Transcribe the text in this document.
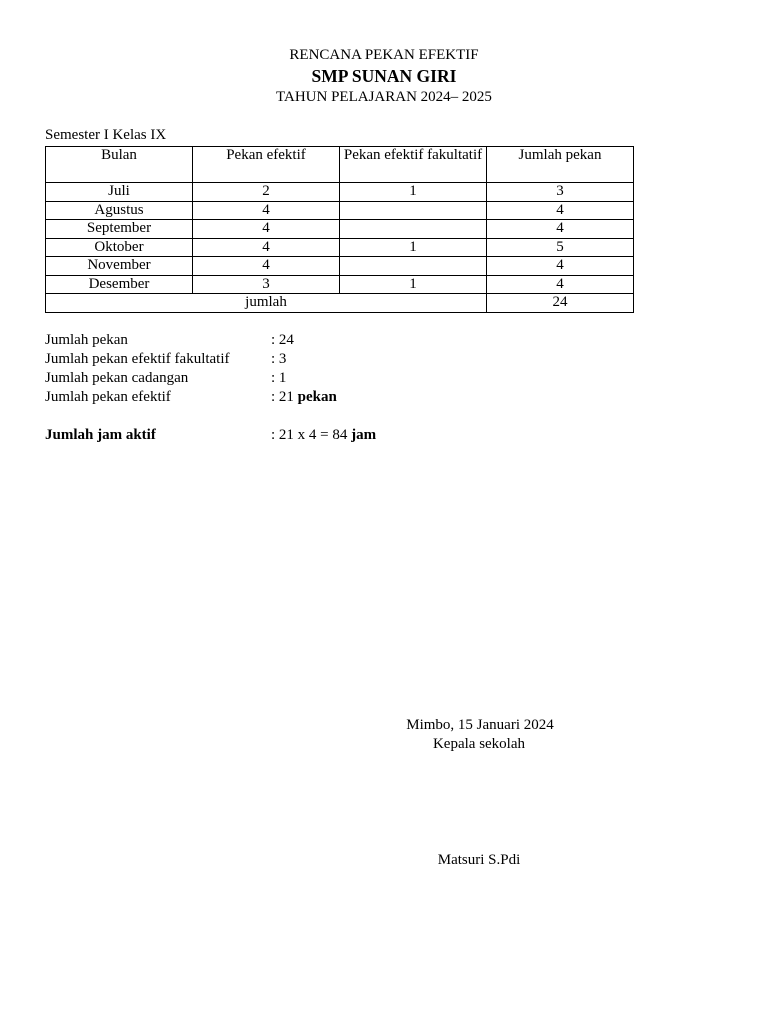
RENCANA PEKAN EFEKTIF
SMP SUNAN GIRI
TAHUN PELAJARAN 2024– 2025
Semester I Kelas IX
Bulan	Pekan efektif	Pekan efektif fakultatif	Jumlah pekan
Juli	2	1	3
Agustus	4		4
September	4		4
Oktober	4	1	5
November	4		4
Desember	3	1	4
jumlah			24
Jumlah pekan	: 24
Jumlah pekan efektif fakultatif	: 3
Jumlah pekan cadangan	: 1
Jumlah pekan efektif	: 21 pekan
Jumlah jam aktif	: 21 x 4 = 84 jam
Mimbo, 15 Januari 2024
Kepala sekolah
Matsuri S.Pdi
